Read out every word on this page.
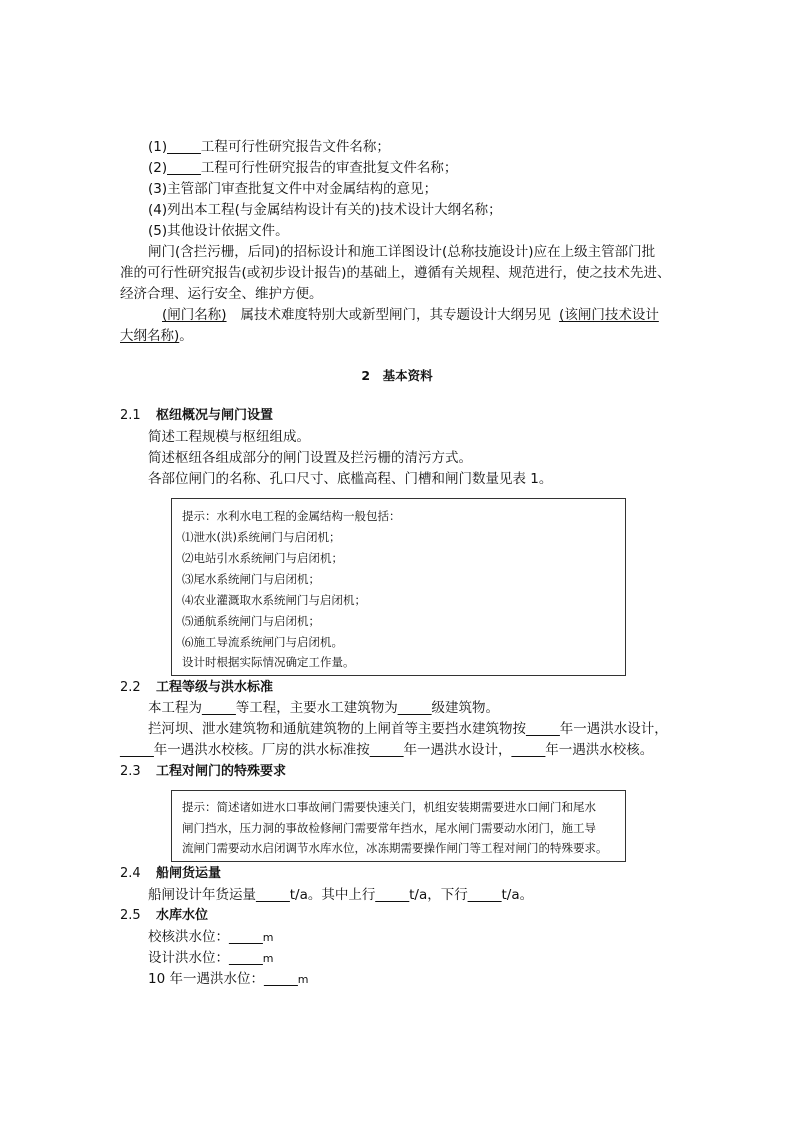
(1)_____工程可行性研究报告文件名称；
(2)_____工程可行性研究报告的审查批复文件名称；
(3)主管部门审查批复文件中对金属结构的意见；
(4)列出本工程(与金属结构设计有关的)技术设计大纲名称；
(5)其他设计依据文件。
闸门(含拦污栅，后同)的招标设计和施工详图设计(总称技施设计)应在上级主管部门批
准的可行性研究报告(或初步设计报告)的基础上，遵循有关规程、规范进行，使之技术先进、
经济合理、运行安全、维护方便。
(闸门名称) 属技术难度特别大或新型闸门，其专题设计大纲另见 (该闸门技术设计
大纲名称)。
2　基本资料
2.1 枢纽概况与闸门设置
简述工程规模与枢纽组成。
简述枢纽各组成部分的闸门设置及拦污栅的清污方式。
各部位闸门的名称、孔口尺寸、底槛高程、门槽和闸门数量见表 1。
提示：水利水电工程的金属结构一般包括：
⑴泄水(洪)系统闸门与启闭机；
⑵电站引水系统闸门与启闭机；
⑶尾水系统闸门与启闭机；
⑷农业灌溉取水系统闸门与启闭机；
⑸通航系统闸门与启闭机；
⑹施工导流系统闸门与启闭机。
设计时根据实际情况确定工作量。
2.2 工程等级与洪水标准
本工程为_____等工程，主要水工建筑物为_____级建筑物。
拦河坝、泄水建筑物和通航建筑物的上闸首等主要挡水建筑物按_____年一遇洪水设计，
_____年一遇洪水校核。厂房的洪水标准按_____年一遇洪水设计，_____年一遇洪水校核。
2.3 工程对闸门的特殊要求
提示：简述诸如进水口事故闸门需要快速关门，机组安装期需要进水口闸门和尾水
闸门挡水，压力洞的事故检修闸门需要常年挡水，尾水闸门需要动水闭门，施工导
流闸门需要动水启闭调节水库水位，冰冻期需要操作闸门等工程对闸门的特殊要求。
2.4 船闸货运量
船闸设计年货运量_____t/a。其中上行_____t/a，下行_____t/a。
2.5 水库水位
校核洪水位：_____m
设计洪水位：_____m
10 年一遇洪水位：_____m
